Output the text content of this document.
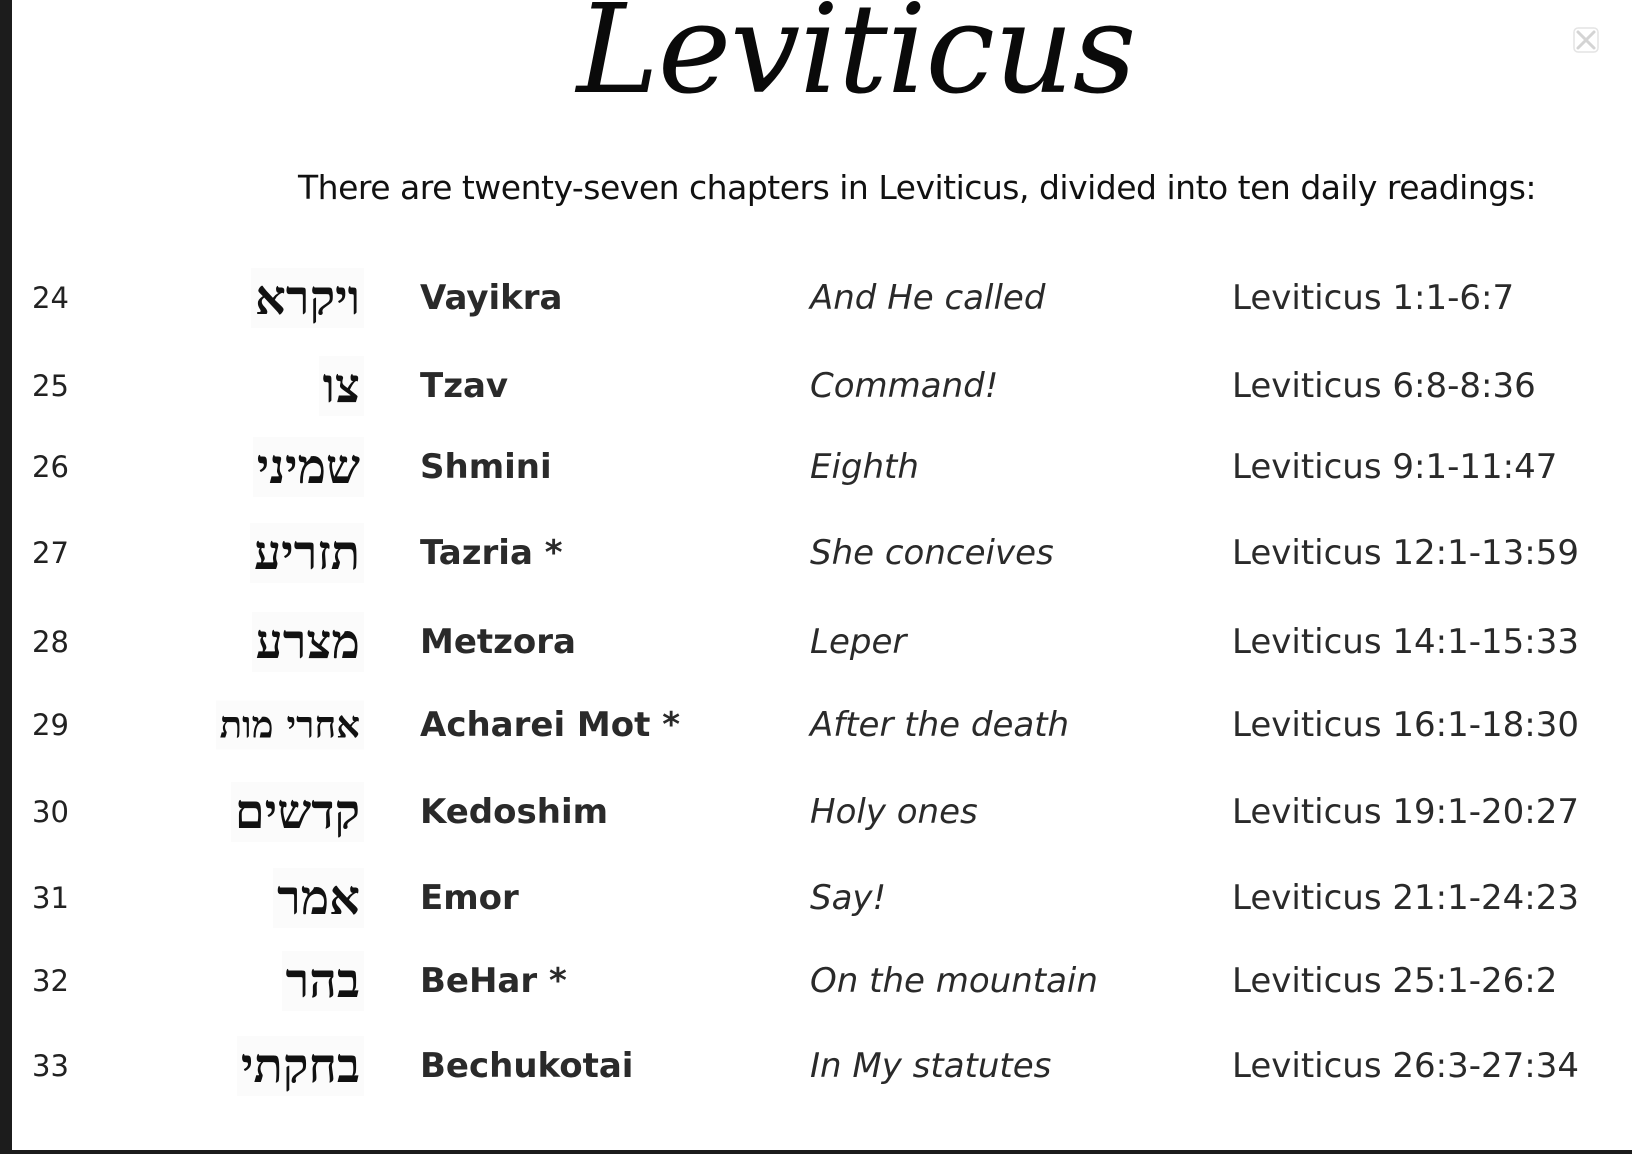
Leviticus
There are twenty-seven chapters in Leviticus, divided into ten daily readings:
24	ויקרא Vayikra	And He called	Leviticus 1:1-6:7
25	צו Tzav	Command!	Leviticus 6:8-8:36
26	שמיני Shmini	Eighth	Leviticus 9:1-11:47
27	תזריע Tazria *	She conceives	Leviticus 12:1-13:59
28	מצרע Metzora	Leper	Leviticus 14:1-15:33
29	אחרי מות Acharei Mot *	After the death	Leviticus 16:1-18:30
30	קדשים Kedoshim	Holy ones	Leviticus 19:1-20:27
31	אמר Emor	Say!	Leviticus 21:1-24:23
32	בהר BeHar *	On the mountain	Leviticus 25:1-26:2
33	בחקתי Bechukotai	In My statutes	Leviticus 26:3-27:34
